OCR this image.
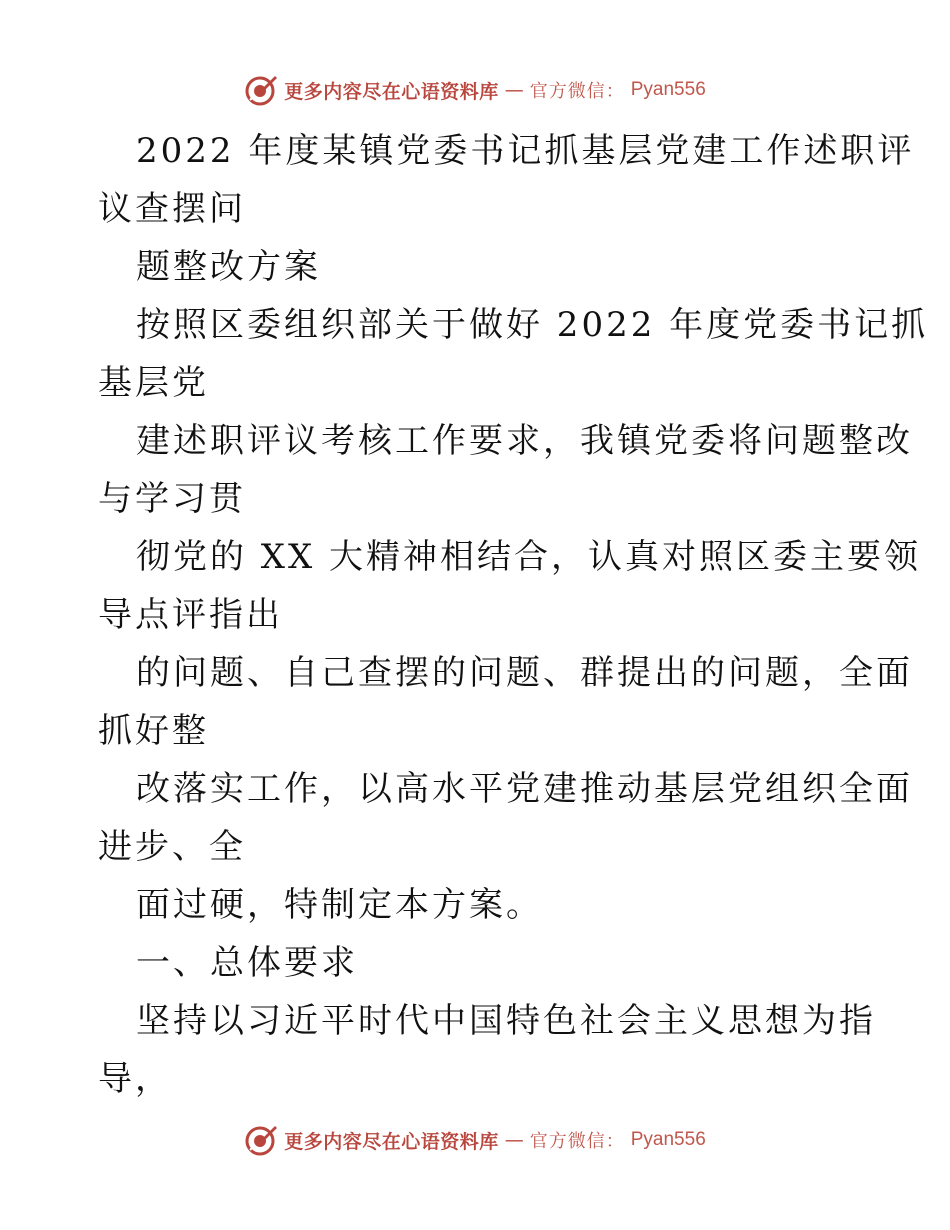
更多内容尽在心语资料库 — 官方微信： Pyan556
2022 年度某镇党委书记抓基层党建工作述职评
议查摆问
题整改方案
按照区委组织部关于做好 2022 年度党委书记抓
基层党
建述职评议考核工作要求，我镇党委将问题整改
与学习贯
彻党的 XX 大精神相结合，认真对照区委主要领
导点评指出
的问题、自己查摆的问题、群提出的问题，全面
抓好整
改落实工作，以高水平党建推动基层党组织全面
进步、全
面过硬，特制定本方案。
一、总体要求
坚持以习近平时代中国特色社会主义思想为指
导，
更多内容尽在心语资料库 — 官方微信： Pyan556
